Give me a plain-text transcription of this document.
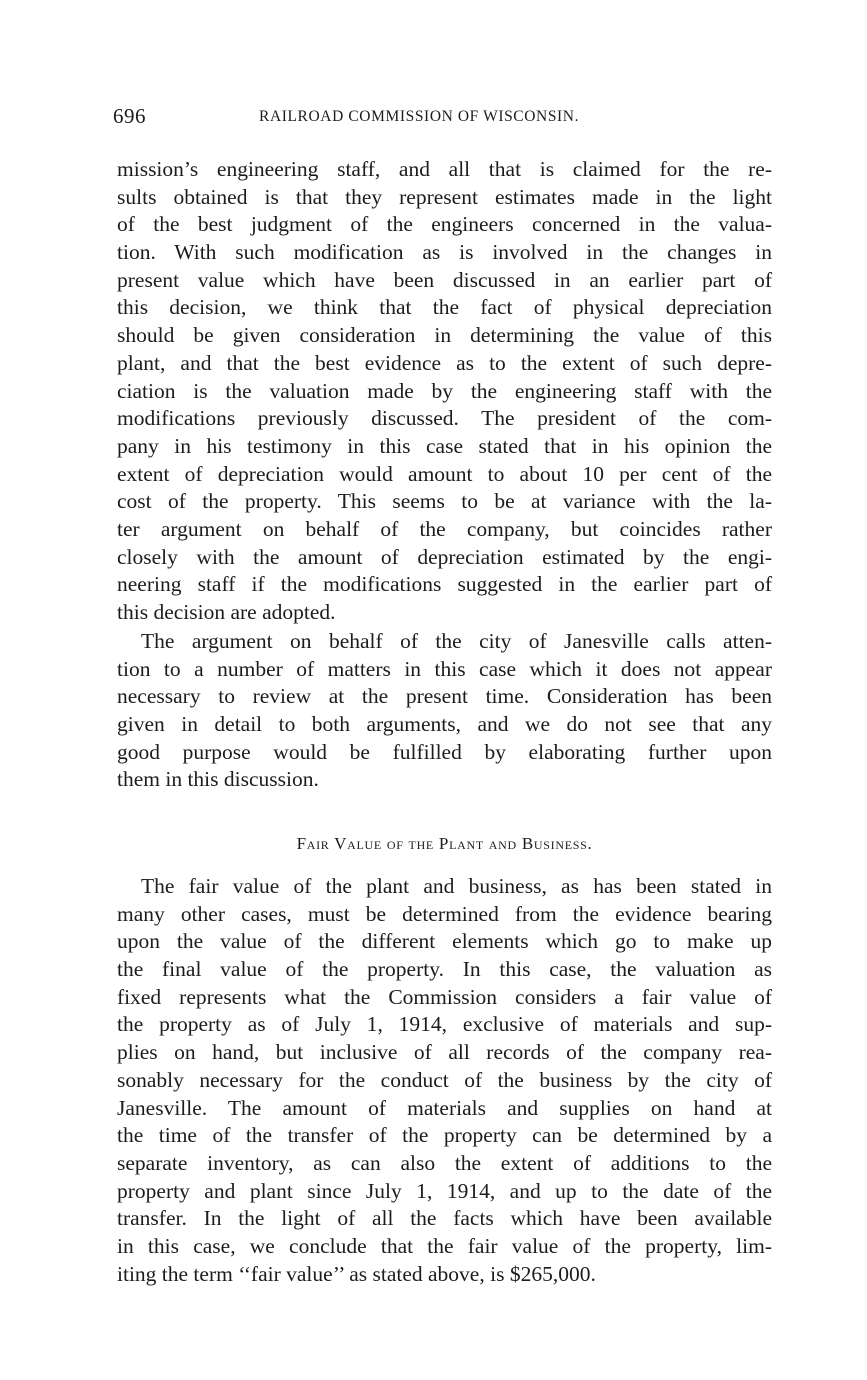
696	RAILROAD COMMISSION OF WISCONSIN.
mission’s engineering staff, and all that is claimed for the re-
sults obtained is that they represent estimates made in the light
of the best judgment of the engineers concerned in the valua-
tion. With such modification as is involved in the changes in
present value which have been discussed in an earlier part of
this decision, we think that the fact of physical depreciation
should be given consideration in determining the value of this
plant, and that the best evidence as to the extent of such depre-
ciation is the valuation made by the engineering staff with the
modifications previously discussed. The president of the com-
pany in his testimony in this case stated that in his opinion the
extent of depreciation would amount to about 10 per cent of the
cost of the property. This seems to be at variance with the la-
ter argument on behalf of the company, but coincides rather
closely with the amount of depreciation estimated by the engi-
neering staff if the modifications suggested in the earlier part of
this decision are adopted.
The argument on behalf of the city of Janesville calls atten-
tion to a number of matters in this case which it does not appear
necessary to review at the present time. Consideration has been
given in detail to both arguments, and we do not see that any
good purpose would be fulfilled by elaborating further upon
them in this discussion.
Fair Value of the Plant and Business.
The fair value of the plant and business, as has been stated in
many other cases, must be determined from the evidence bearing
upon the value of the different elements which go to make up
the final value of the property. In this case, the valuation as
fixed represents what the Commission considers a fair value of
the property as of July 1, 1914, exclusive of materials and sup-
plies on hand, but inclusive of all records of the company rea-
sonably necessary for the conduct of the business by the city of
Janesville. The amount of materials and supplies on hand at
the time of the transfer of the property can be determined by a
separate inventory, as can also the extent of additions to the
property and plant since July 1, 1914, and up to the date of the
transfer. In the light of all the facts which have been available
in this case, we conclude that the fair value of the property, lim-
iting the term ‘‘fair value’’ as stated above, is $265,000.
